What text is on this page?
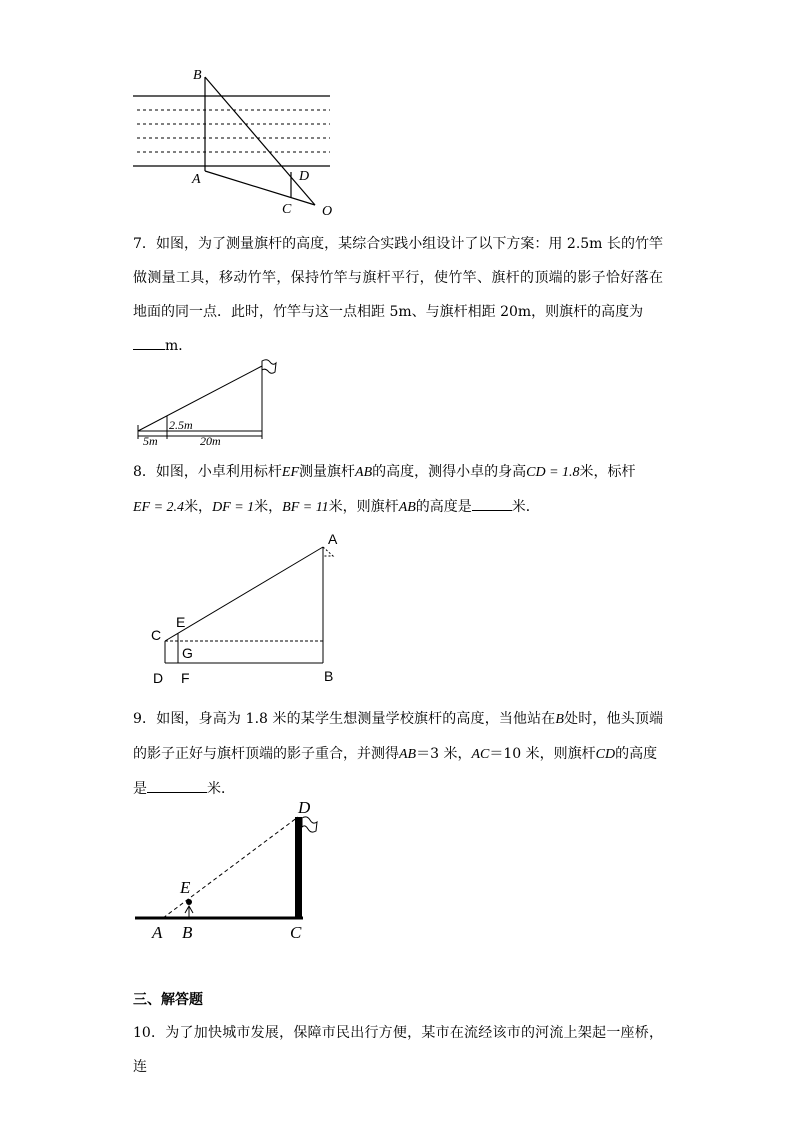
B
A	D
C O
7．如图，为了测量旗杆的高度，某综合实践小组设计了以下方案：用 2.5m 长的竹竿做测量工具，移动竹竿，保持竹竿与旗杆平行，使竹竿、旗杆的顶端的影子恰好落在地面的同一点．此时，竹竿与这一点相距 5m、与旗杆相距 20m，则旗杆的高度为
m．
2.5m
5m	20m
8．如图，小卓利用标杆EF测量旗杆AB的高度，测得小卓的身高CD = 1.8米，标杆
EF = 2.4米，DF = 1米，BF = 11米，则旗杆AB的高度是	米．
A
C
E
G
D F	B
9．如图，身高为 1.8 米的某学生想测量学校旗杆的高度，当他站在B处时，他头顶端的影子正好与旗杆顶端的影子重合，并测得AB＝3 米，AC＝10 米，则旗杆CD的高度
是	米．
D
E
A B	C
三、解答题
10．为了加快城市发展，保障市民出行方便，某市在流经该市的河流上架起一座桥，连
